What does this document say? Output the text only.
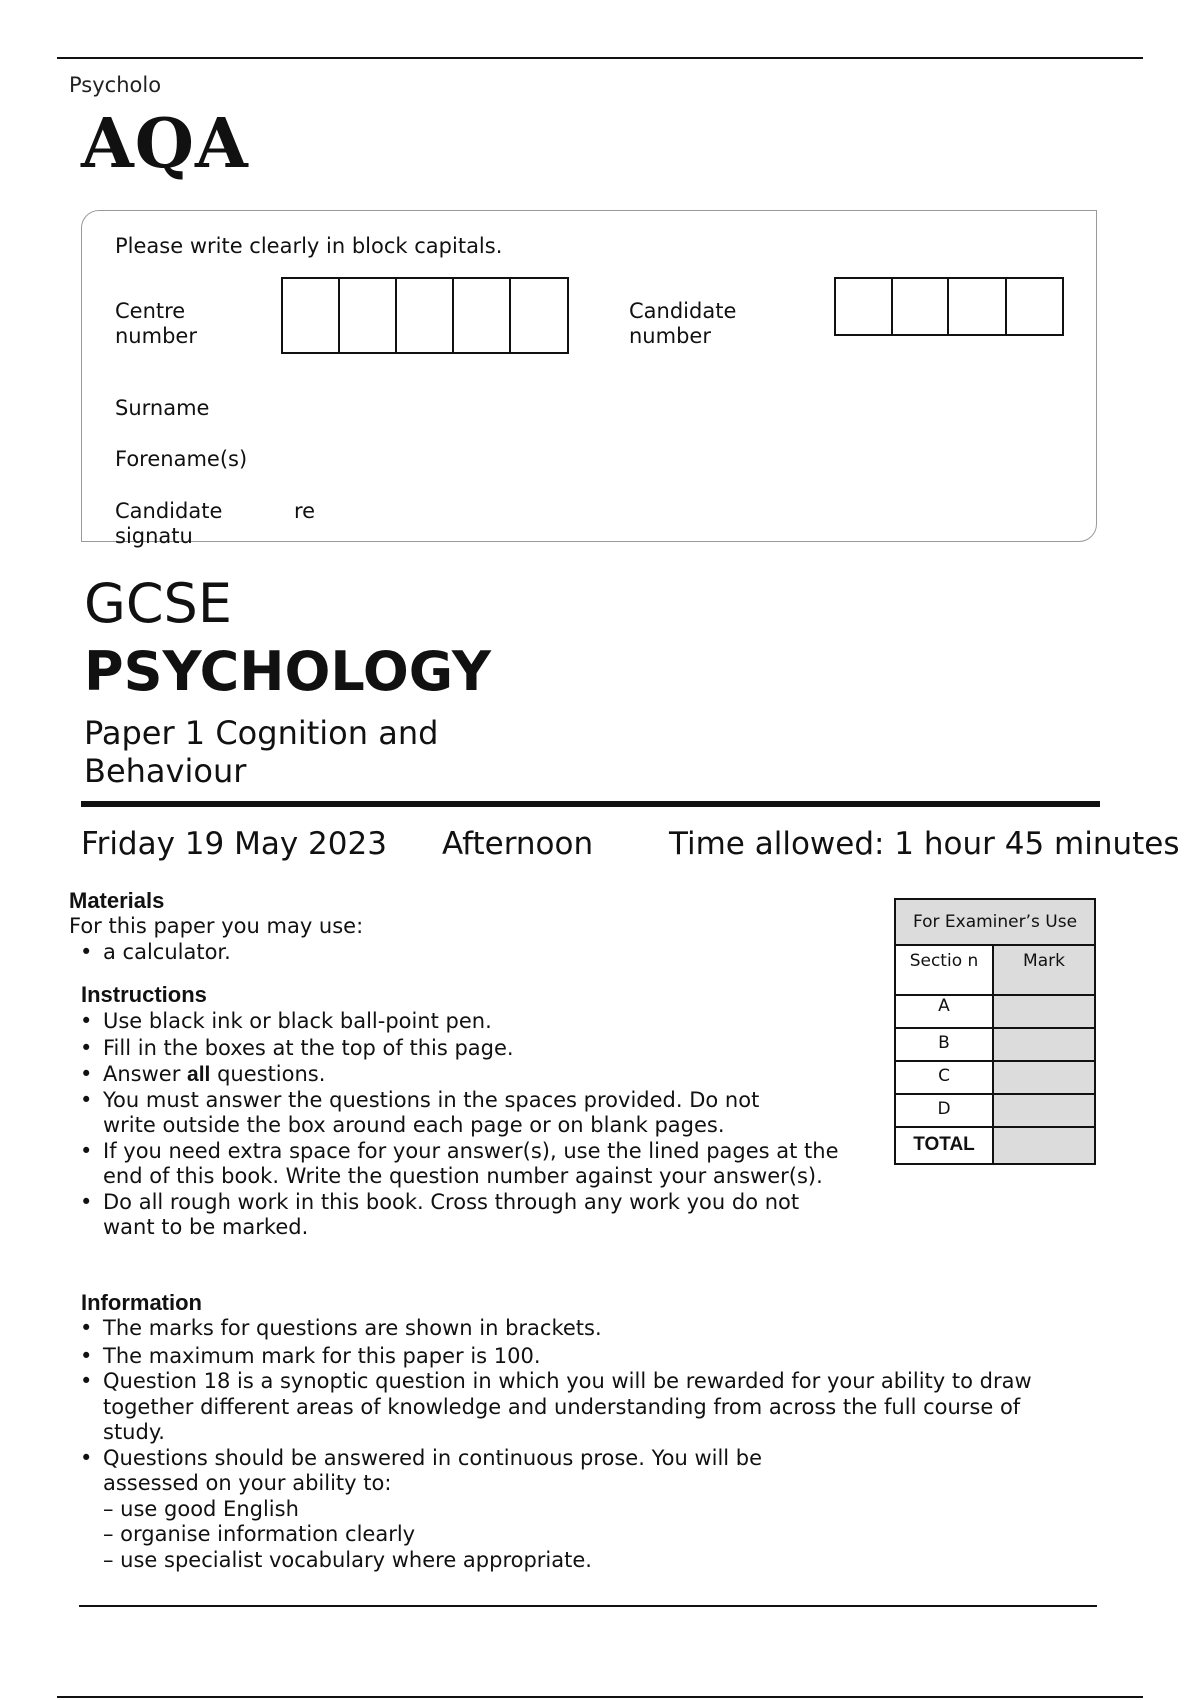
Psycholo
AQA
Please write clearly in block capitals.
Centre
number
Candidate
number
Surname
Forename(s)
Candidate
signatu
re
GCSE
PSYCHOLOGY
Paper 1 Cognition and Behaviour
Friday 19 May 2023 Afternoon Time allowed: 1 hour 45 minutes
Materials
For this paper you may use:
• a calculator.
Instructions
• Use black ink or black ball-point pen.
• Fill in the boxes at the top of this page.
• Answer all questions.
• You must answer the questions in the spaces provided. Do not write outside the box around each page or on blank pages.
• If you need extra space for your answer(s), use the lined pages at the end of this book. Write the question number against your answer(s).
• Do all rough work in this book. Cross through any work you do not want to be marked.
Information
• The marks for questions are shown in brackets.
• The maximum mark for this paper is 100.
• Question 18 is a synoptic question in which you will be rewarded for your ability to draw together different areas of knowledge and understanding from across the full course of study.
• Questions should be answered in continuous prose. You will be assessed on your ability to:
– use good English
– organise information clearly
– use specialist vocabulary where appropriate.
For Examiner’s Use
Sectio n	Mark
A
B
C
D
TOTAL
